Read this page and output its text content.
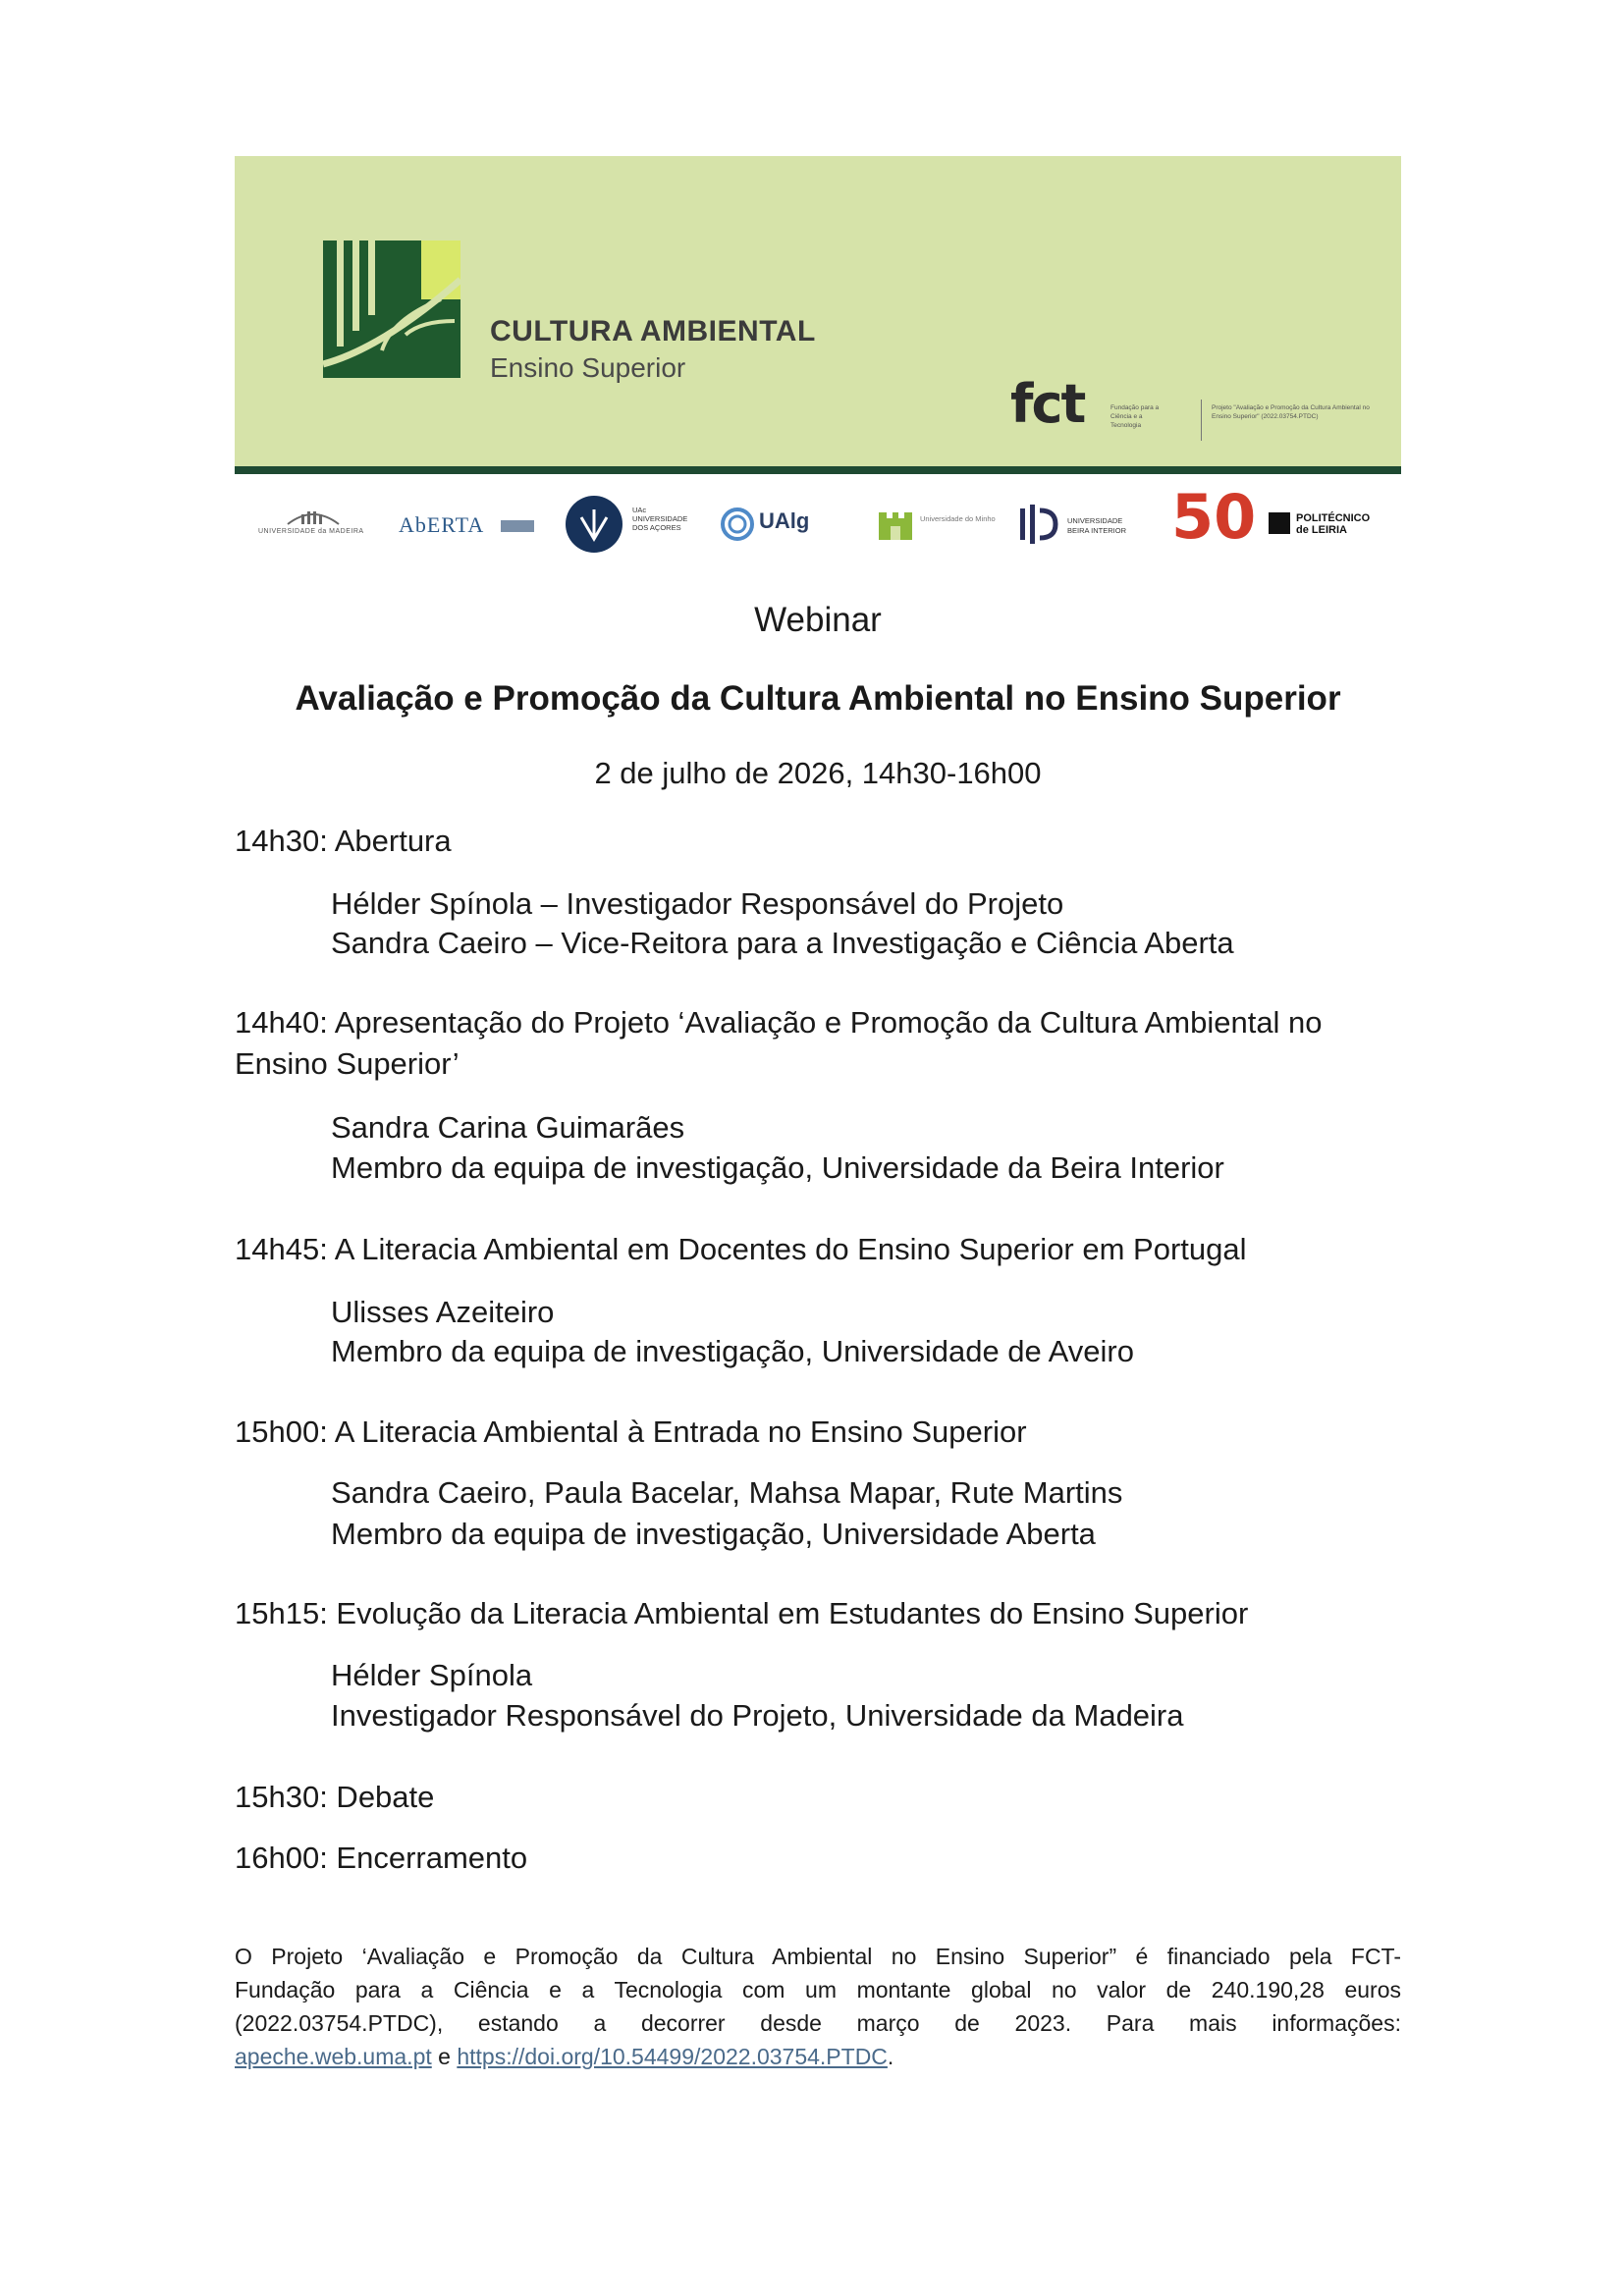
CULTURA AMBIENTAL
Ensino Superior
fct	Fundação para a Ciência e a Tecnologia
Projeto "Avaliação e Promoção da Cultura Ambiental no Ensino Superior" (2022.03754.PTDC)
UNIVERSIDADE da MADEIRA AbERTA
UAc UNIVERSIDADE DOS AÇORES	UAlg	Universidade do Minho	UNIVERSIDADE BEIRA INTERIOR 50	POLITÉCNICO de LEIRIA
Webinar
Avaliação e Promoção da Cultura Ambiental no Ensino Superior
2 de julho de 2026, 14h30-16h00
14h30: Abertura
Hélder Spínola – Investigador Responsável do Projeto
Sandra Caeiro – Vice-Reitora para a Investigação e Ciência Aberta
14h40: Apresentação do Projeto ‘Avaliação e Promoção da Cultura Ambiental no
Ensino Superior’
Sandra Carina Guimarães
Membro da equipa de investigação, Universidade da Beira Interior
14h45: A Literacia Ambiental em Docentes do Ensino Superior em Portugal
Ulisses Azeiteiro
Membro da equipa de investigação, Universidade de Aveiro
15h00: A Literacia Ambiental à Entrada no Ensino Superior
Sandra Caeiro, Paula Bacelar, Mahsa Mapar, Rute Martins
Membro da equipa de investigação, Universidade Aberta
15h15: Evolução da Literacia Ambiental em Estudantes do Ensino Superior
Hélder Spínola
Investigador Responsável do Projeto, Universidade da Madeira
15h30: Debate
16h00: Encerramento
O Projeto ‘Avaliação e Promoção da Cultura Ambiental no Ensino Superior” é financiado pela FCT-
Fundação para a Ciência e a Tecnologia com um montante global no valor de 240.190,28 euros
(2022.03754.PTDC), estando a decorrer desde março de 2023. Para mais informações:
apeche.web.uma.pt e https://doi.org/10.54499/2022.03754.PTDC.
